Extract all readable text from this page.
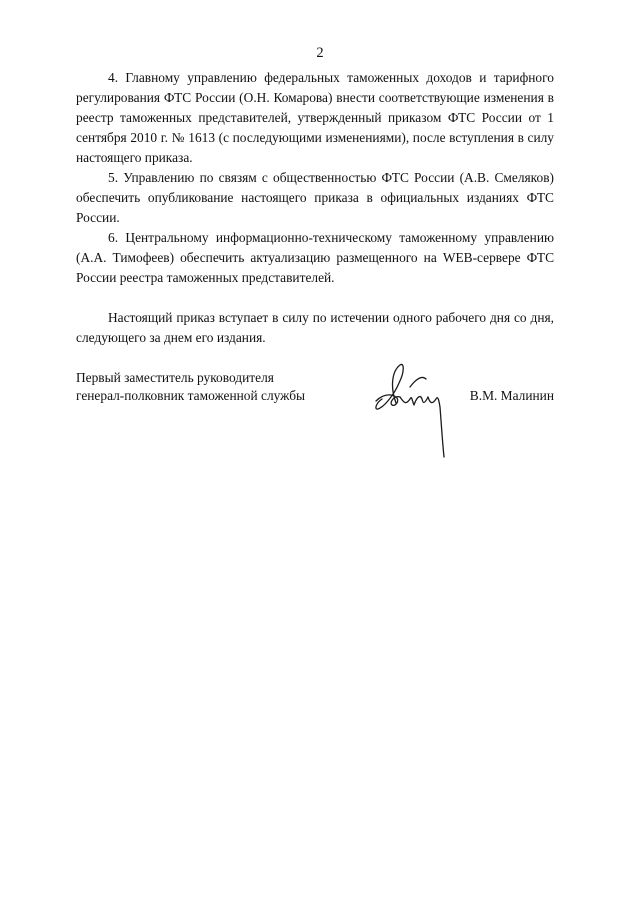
2

4. Главному управлению федеральных таможенных доходов и тарифного регулирования ФТС России (О.Н. Комарова) внести соответствующие изменения в реестр таможенных представителей, утвержденный приказом ФТС России от 1 сентября 2010 г. № 1613 (с последующими изменениями), после вступления в силу настоящего приказа.

5. Управлению по связям с общественностью ФТС России (А.В. Смеляков) обеспечить опубликование настоящего приказа в официальных изданиях ФТС России.

6. Центральному информационно-техническому таможенному управлению (А.А. Тимофеев) обеспечить актуализацию размещенного на WEB-сервере ФТС России реестра таможенных представителей.

Настоящий приказ вступает в силу по истечении одного рабочего дня со дня, следующего за днем его издания.

Первый заместитель руководителя
генерал-полковник таможенной службы	В.М. Малинин
